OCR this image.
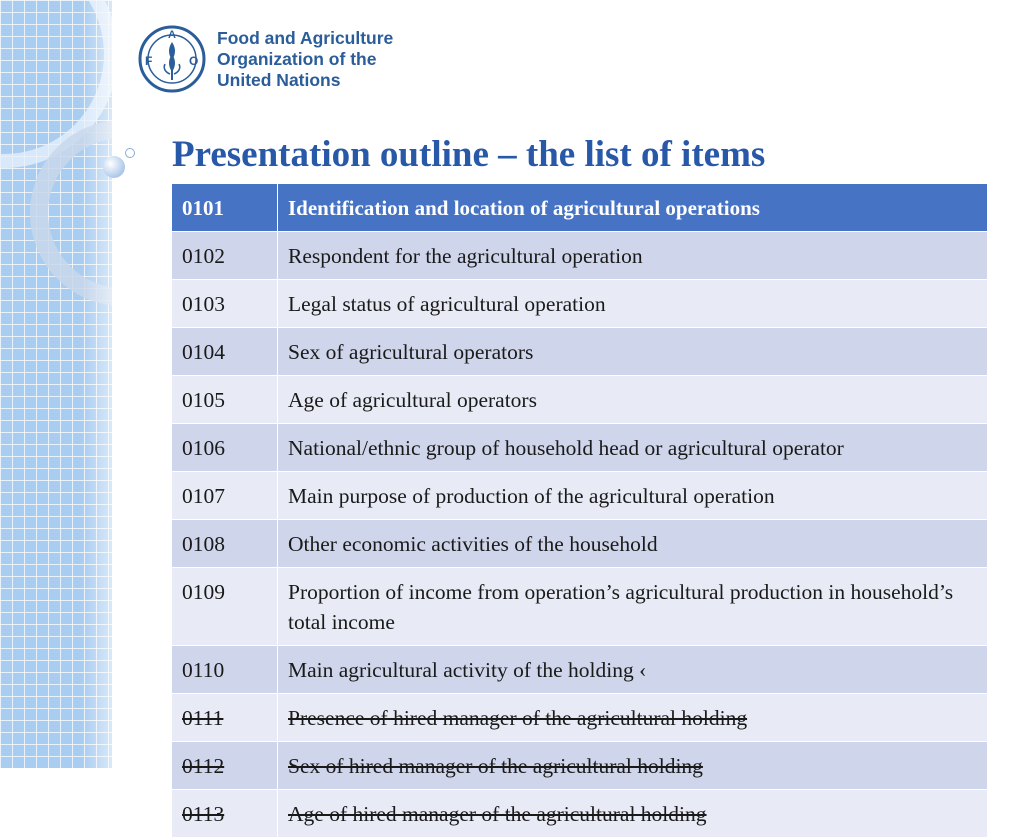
F
A
O
Food and Agriculture
Organization of the
United Nations
Presentation outline – the list of items
0101	Identification and location of agricultural operations
0102	Respondent for the agricultural operation
0103	Legal status of agricultural operation
0104	Sex of agricultural operators
0105	Age of agricultural operators
0106	National/ethnic group of household head or agricultural operator
0107	Main purpose of production of the agricultural operation
0108	Other economic activities of the household
0109	Proportion of income from operation’s agricultural production in household’s total income
0110	Main agricultural activity of the holding ‹
0111	Presence of hired manager of the agricultural holding
0112	Sex of hired manager of the agricultural holding
0113	Age of hired manager of the agricultural holding
